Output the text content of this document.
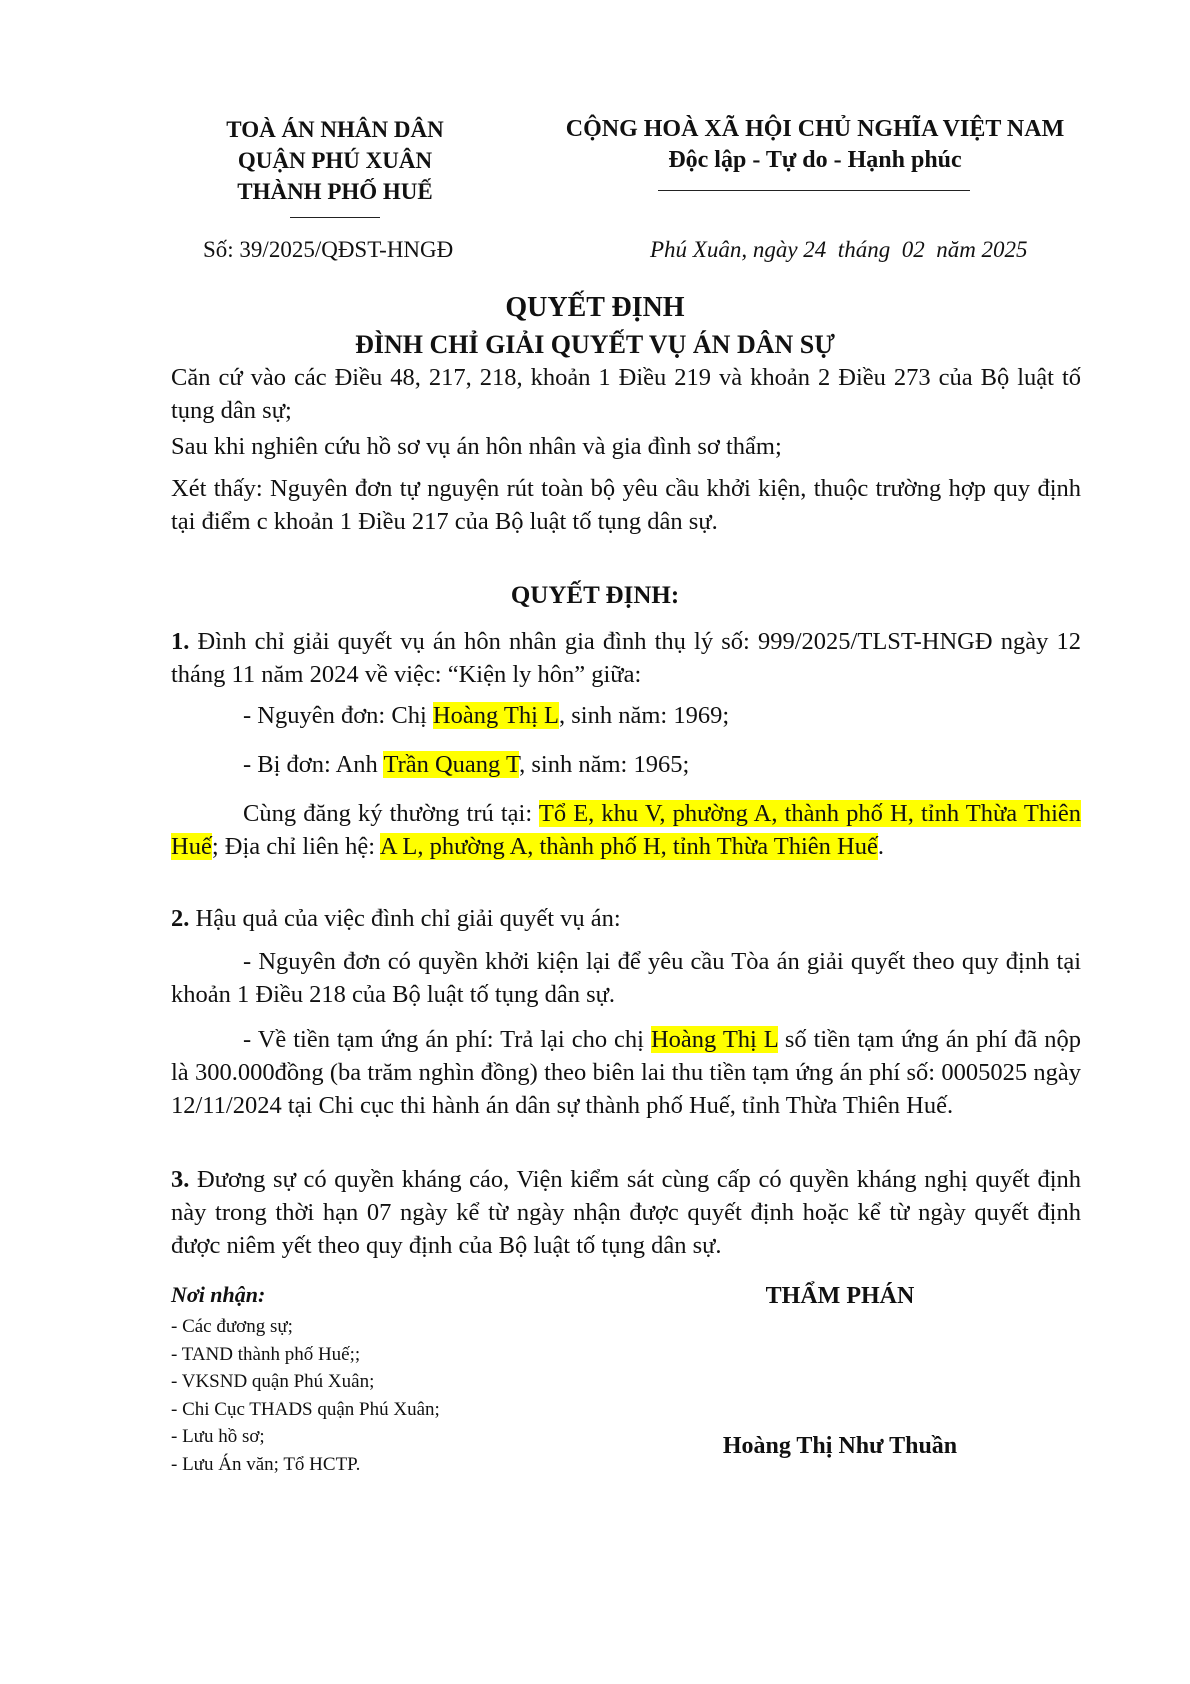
TOÀ ÁN NHÂN DÂN
QUẬN PHÚ XUÂN
THÀNH PHỐ HUẾ
CỘNG HOÀ XÃ HỘI CHỦ NGHĨA VIỆT NAM
Độc lập - Tự do - Hạnh phúc
Số: 39/2025/QĐST-HNGĐ	Phú Xuân, ngày 24  tháng  02  năm 2025
QUYẾT ĐỊNH
ĐÌNH CHỈ GIẢI QUYẾT VỤ ÁN DÂN SỰ
Căn cứ vào các Điều 48, 217, 218, khoản 1 Điều 219 và khoản 2 Điều 273 của Bộ luật tố tụng dân sự;
Sau khi nghiên cứu hồ sơ vụ án hôn nhân và gia đình sơ thẩm;
Xét thấy: Nguyên đơn tự nguyện rút toàn bộ yêu cầu khởi kiện, thuộc trường hợp quy định tại điểm c khoản 1 Điều 217 của Bộ luật tố tụng dân sự.
QUYẾT ĐỊNH:
1. Đình chỉ giải quyết vụ án hôn nhân gia đình thụ lý số: 999/2025/TLST-HNGĐ ngày 12 tháng 11 năm 2024 về việc: “Kiện ly hôn” giữa:
- Nguyên đơn: Chị Hoàng Thị L, sinh năm: 1969;
- Bị đơn: Anh Trần Quang T, sinh năm: 1965;
Cùng đăng ký thường trú tại: Tổ E, khu V, phường A, thành phố H, tỉnh Thừa Thiên Huế; Địa chỉ liên hệ: A L, phường A, thành phố H, tỉnh Thừa Thiên Huế.
2. Hậu quả của việc đình chỉ giải quyết vụ án:
- Nguyên đơn có quyền khởi kiện lại để yêu cầu Tòa án giải quyết theo quy định tại khoản 1 Điều 218 của Bộ luật tố tụng dân sự.
- Về tiền tạm ứng án phí: Trả lại cho chị Hoàng Thị L số tiền tạm ứng án phí đã nộp là 300.000đồng (ba trăm nghìn đồng) theo biên lai thu tiền tạm ứng án phí số: 0005025 ngày 12/11/2024 tại Chi cục thi hành án dân sự thành phố Huế, tỉnh Thừa Thiên Huế.
3. Đương sự có quyền kháng cáo, Viện kiểm sát cùng cấp có quyền kháng nghị quyết định này trong thời hạn 07 ngày kể từ ngày nhận được quyết định hoặc kể từ ngày quyết định được niêm yết theo quy định của Bộ luật tố tụng dân sự.
Nơi nhận:
- Các đương sự;
- TAND thành phố Huế;;
- VKSND quận Phú Xuân;
- Chi Cục THADS quận Phú Xuân;
- Lưu hồ sơ;
- Lưu Án văn; Tổ HCTP.
THẨM PHÁN
Hoàng Thị Như Thuần
